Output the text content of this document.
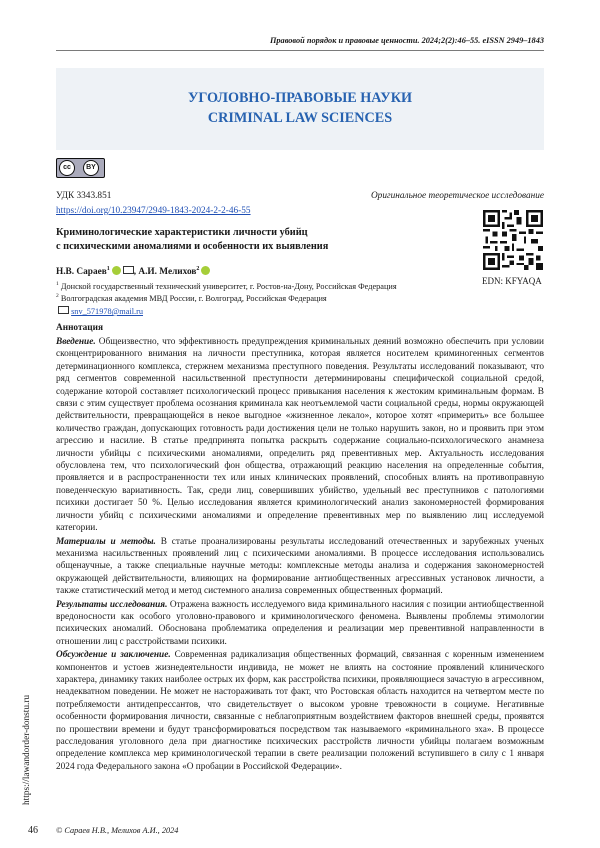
Правовой порядок и правовые ценности. 2024;2(2):46–55. eISSN 2949–1843
УГОЛОВНО-ПРАВОВЫЕ НАУКИ
CRIMINAL LAW SCIENCES
cc	BY
УДК 3343.851	Оригинальное теоретическое исследование
https://doi.org/10.23947/2949-1843-2024-2-2-46-55
EDN: KFYAQA
Криминологические характеристики личности убийц
с психическими аномалиями и особенности их выявления
Н.В. Сараев$^1$	, А.И. Мелихов$^2$
$^1$ Донской государственный технический университет, г. Ростов-на-Дону, Российская Федерация
$^2$ Волгоградская академия МВД России, г. Волгоград, Российская Федерация
snv_571978@mail.ru
Аннотация

Введение. Общеизвестно, что эффективность предупреждения криминальных деяний возможно обеспечить при условии сконцентрированного внимания на личности преступника, которая является носителем криминогенных сегментов детерминационного комплекса, стержнем механизма преступного поведения. Результаты исследований показывают, что ряд сегментов современной насильственной преступности детерминированы специфической социальной средой, содержание которой составляет психологический процесс привыкания населения к жестоким криминальным формам. В связи с этим существует проблема осознания криминала как неотъемлемой части социальной среды, нормы окружающей действительности, превращающейся в некое выгодное «жизненное лекало», которое хотят «примерить» все большее количество граждан, допускающих готовность ради достижения цели не только нарушить закон, но и проявить при этом агрессию и насилие. В статье предпринята попытка раскрыть содержание социально-психологического анамнеза личности убийцы с психическими аномалиями, определить ряд превентивных мер. Актуальность исследования обусловлена тем, что психологический фон общества, отражающий реакцию населения на определенные события, проявляется и в распространенности тех или иных клинических проявлений, способных влиять на противоправную поведенческую вариативность. Так, среди лиц, совершивших убийство, удельный вес преступников с патологиями психики достигает 50 %. Целью исследования является криминологический анализ закономерностей формирования личности убийц с психическими аномалиями и определение превентивных мер по выявлению лиц исследуемой категории.

Материалы и методы. В статье проанализированы результаты исследований отечественных и зарубежных ученых механизма насильственных проявлений лиц с психическими аномалиями. В процессе исследования использовались общенаучные, а также специальные научные методы: комплексные методы анализа и содержания закономерностей окружающей действительности, влияющих на формирование антиобщественных агрессивных установок личности, а также статистический метод и метод системного анализа современных общественных формаций.

Результаты исследования. Отражена важность исследуемого вида криминального насилия с позиции антиобщественной вредоносности как особого уголовно-правового и криминологического феномена. Выявлены проблемы этимологии психических аномалий. Обоснована проблематика определения и реализации мер превентивной направленности в отношении лиц с расстройствами психики.

Обсуждение и заключение. Современная радикализация общественных формаций, связанная с коренным изменением компонентов и устоев жизнедеятельности индивида, не может не влиять на состояние проявлений клинического характера, динамику таких наиболее острых их форм, как расстройства психики, проявляющиеся зачастую в агрессивном, неадекватном поведении. Не может не настораживать тот факт, что Ростовская область находится на четвертом месте по потребляемости антидепрессантов, что свидетельствует о высоком уровне тревожности в социуме. Негативные особенности формирования личности, связанные с неблагоприятным воздействием факторов внешней среды, проявятся по прошествии времени и будут трансформироваться посредством так называемого «криминального эха». В процессе расследования уголовного дела при диагностике психических расстройств личности убийцы полагаем возможным определение комплекса мер криминологической терапии в свете реализации положений вступившего в силу с 1 января 2024 года Федерального закона «О пробации в Российской Федерации».

https://lawandorder-donstu.ru
46 © Сараев Н.В., Мелихов А.И., 2024
